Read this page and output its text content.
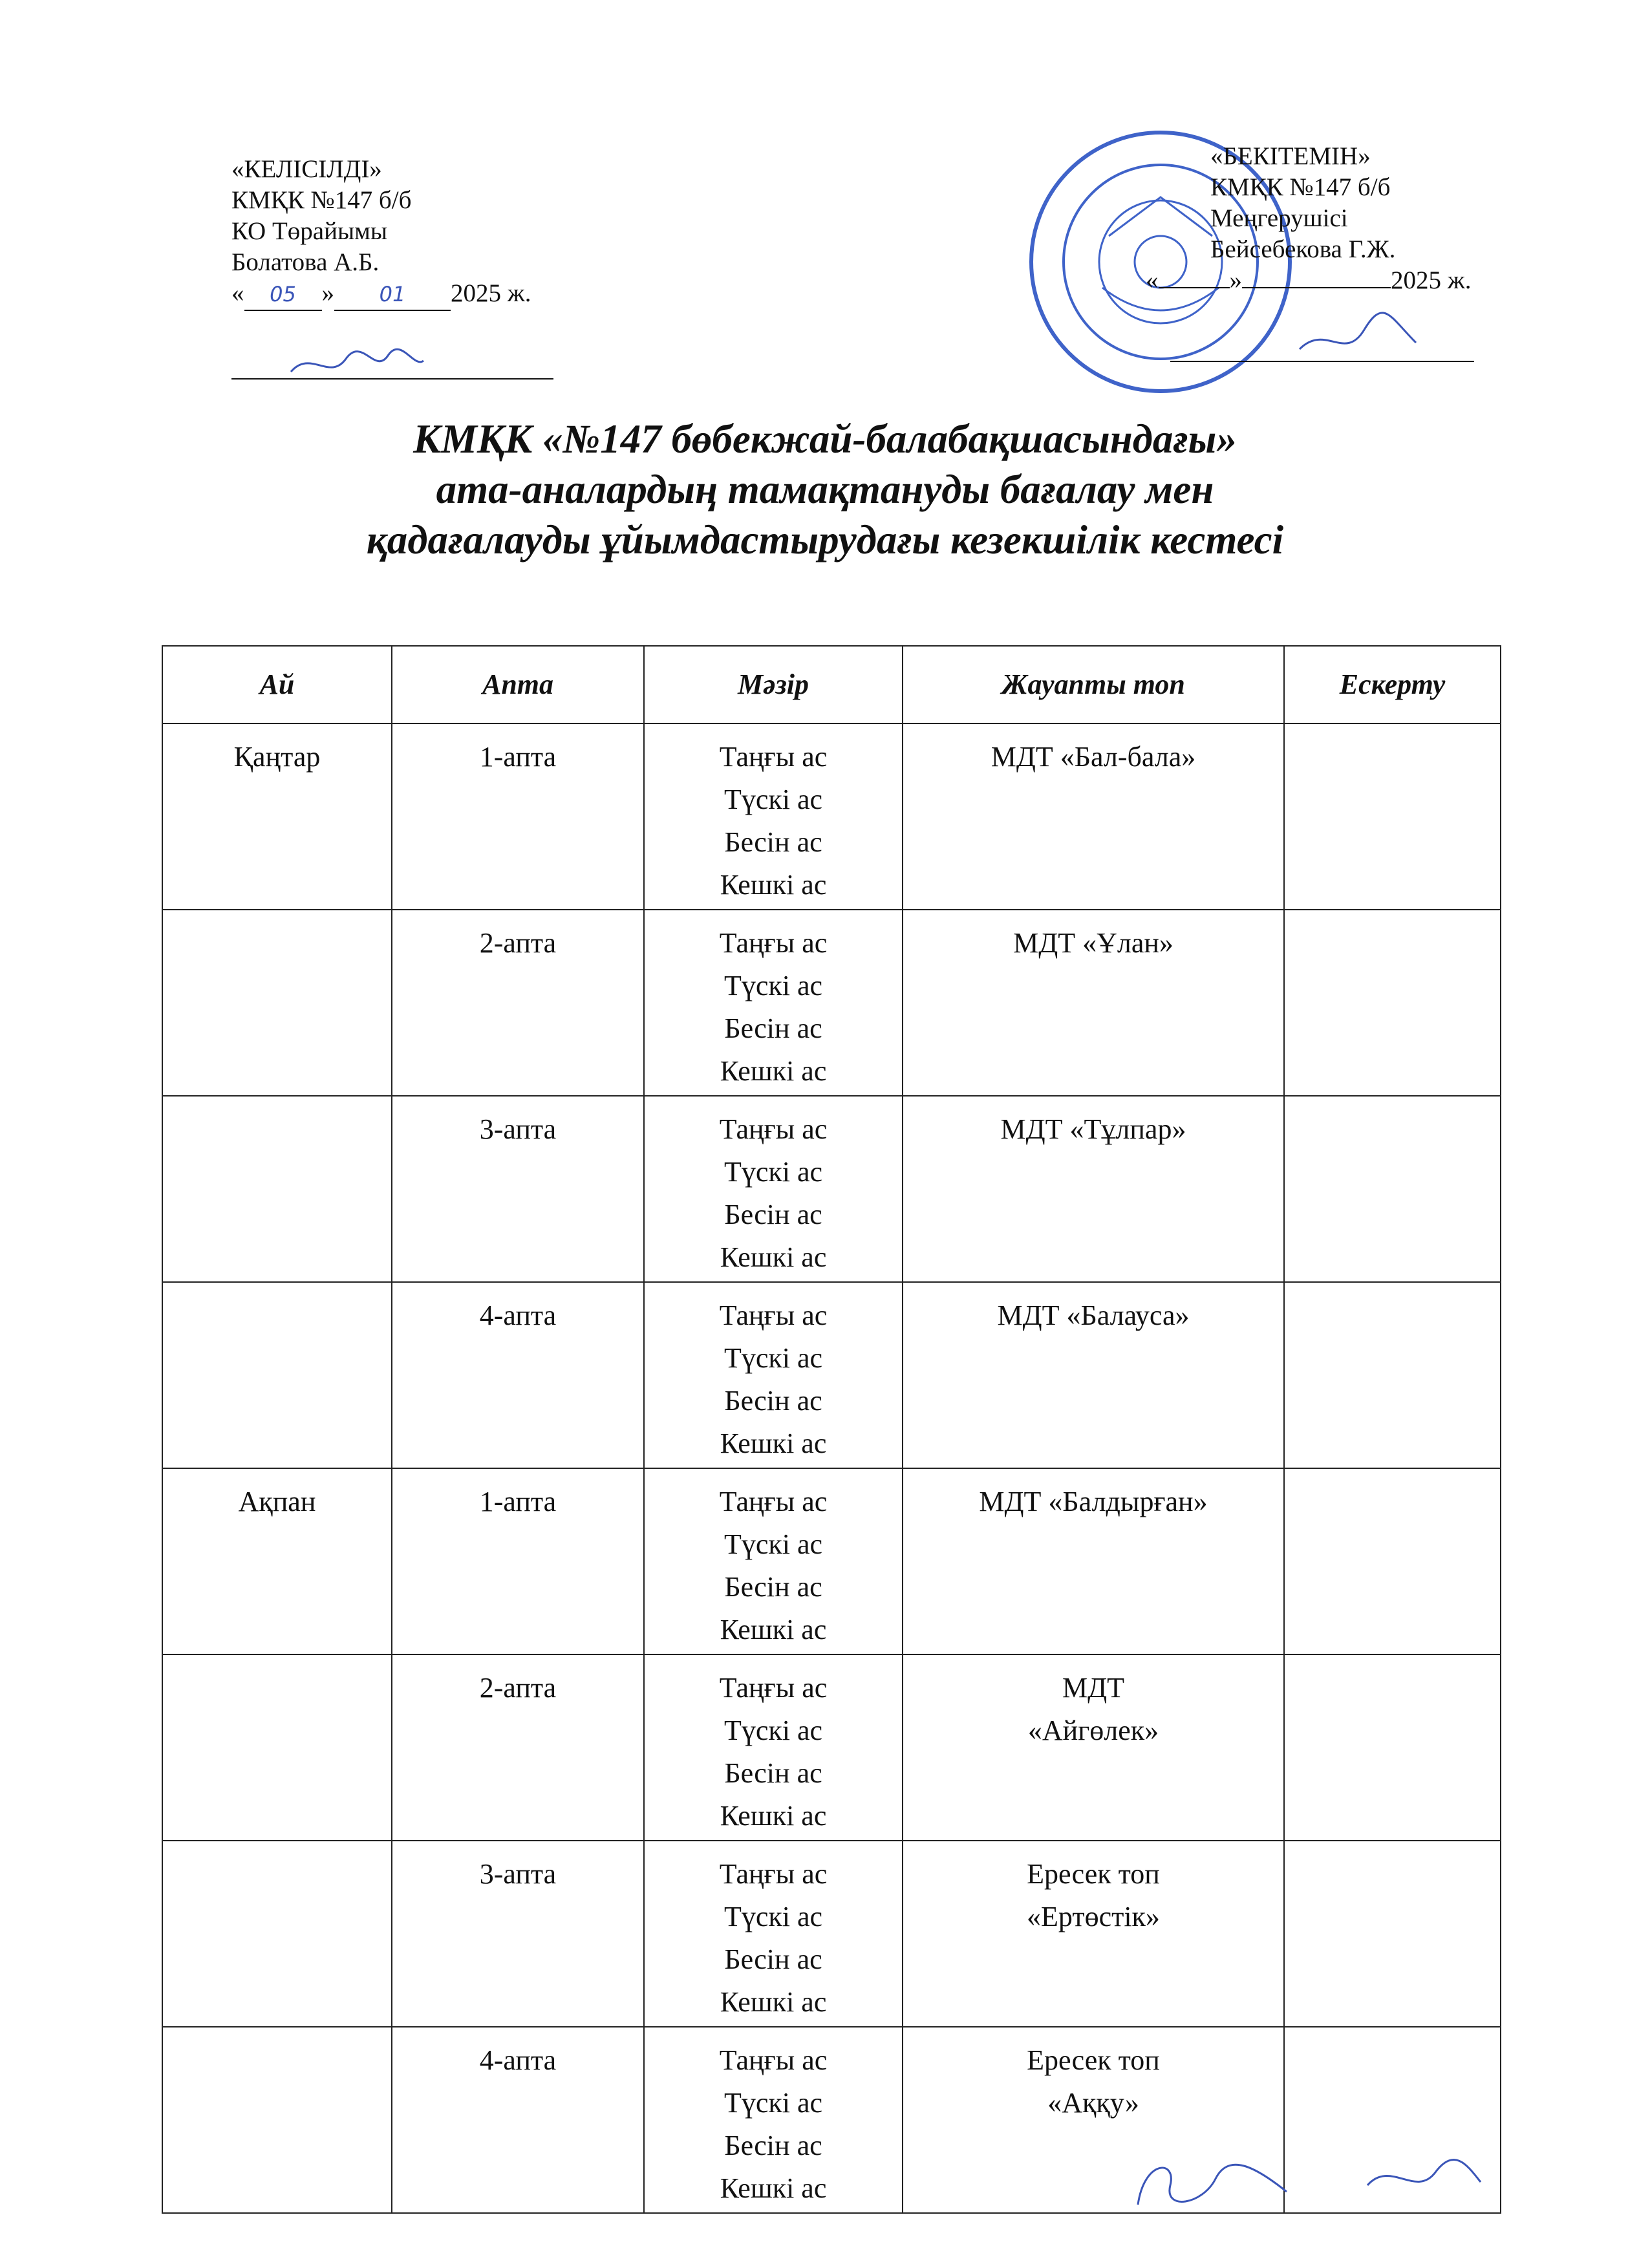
«КЕЛІСІЛДІ»
КМҚК №147 б/б
КО Төрайымы
Болатова А.Б.
« 05 » 01 2025 ж.
«БЕКІТЕМІН»
КМҚК №147 б/б
Меңгерушісі
Бейсебекова Г.Ж.
«	»	2025 ж.
КМҚК «№147 бөбекжай-балабақшасындағы»
ата-аналардың тамақтануды бағалау мен
қадағалауды ұйымдастырудағы кезекшілік кестесі
Ай	Апта	Мәзір	Жауапты топ	Ескерту
Қаңтар	1-апта	Таңғы ас
Түскі ас
Бесін ас
Кешкі ас	МДТ «Бал-бала»	

	2-апта	Таңғы ас
Түскі ас
Бесін ас
Кешкі ас	МДТ «Ұлан»	

	3-апта	Таңғы ас
Түскі ас
Бесін ас
Кешкі ас	МДТ «Тұлпар»	

	4-апта	Таңғы ас
Түскі ас
Бесін ас
Кешкі ас	МДТ «Балауса»	

Ақпан	1-апта	Таңғы ас
Түскі ас
Бесін ас
Кешкі ас	МДТ «Балдырған»	

	2-апта	Таңғы ас
Түскі ас
Бесін ас
Кешкі ас	МДТ
«Айгөлек»	

	3-апта	Таңғы ас
Түскі ас
Бесін ас
Кешкі ас	Ересек топ
«Ертөстік»	

	4-апта	Таңғы ас
Түскі ас
Бесін ас
Кешкі ас	Ересек топ
«Аққу»	
